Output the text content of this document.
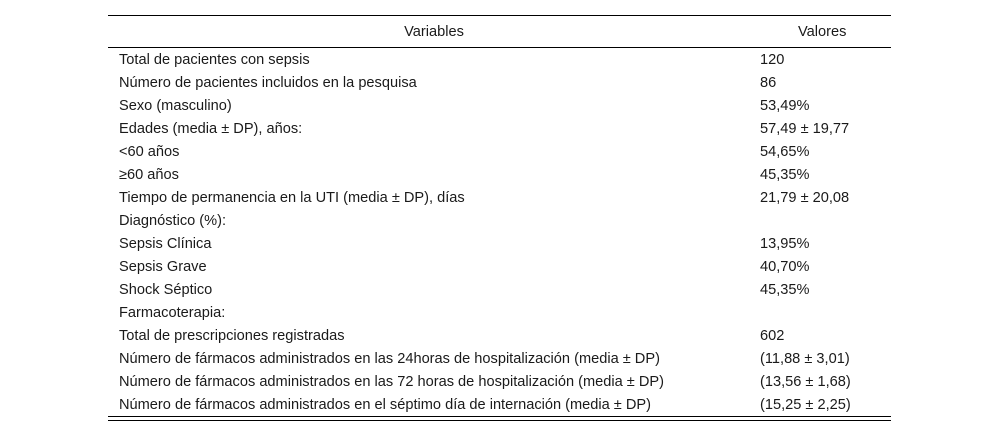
Variables	Valores
Total de pacientes con sepsis	120
Número de pacientes incluidos en la pesquisa	86
Sexo (masculino)	53,49%
Edades (media ± DP), años:	57,49 ± 19,77
<60 años	54,65%
≥60 años	45,35%
Tiempo de permanencia en la UTI (media ± DP), días	21,79 ± 20,08
Diagnóstico (%):	
Sepsis Clínica	13,95%
Sepsis Grave	40,70%
Shock Séptico	45,35%
Farmacoterapia:	
Total de prescripciones registradas	602
Número de fármacos administrados en las 24horas de hospitalización (media ± DP)	(11,88 ± 3,01)
Número de fármacos administrados en las 72 horas de hospitalización (media ± DP)	(13,56 ± 1,68)
Número de fármacos administrados en el séptimo día de internación (media ± DP)	(15,25 ± 2,25)
